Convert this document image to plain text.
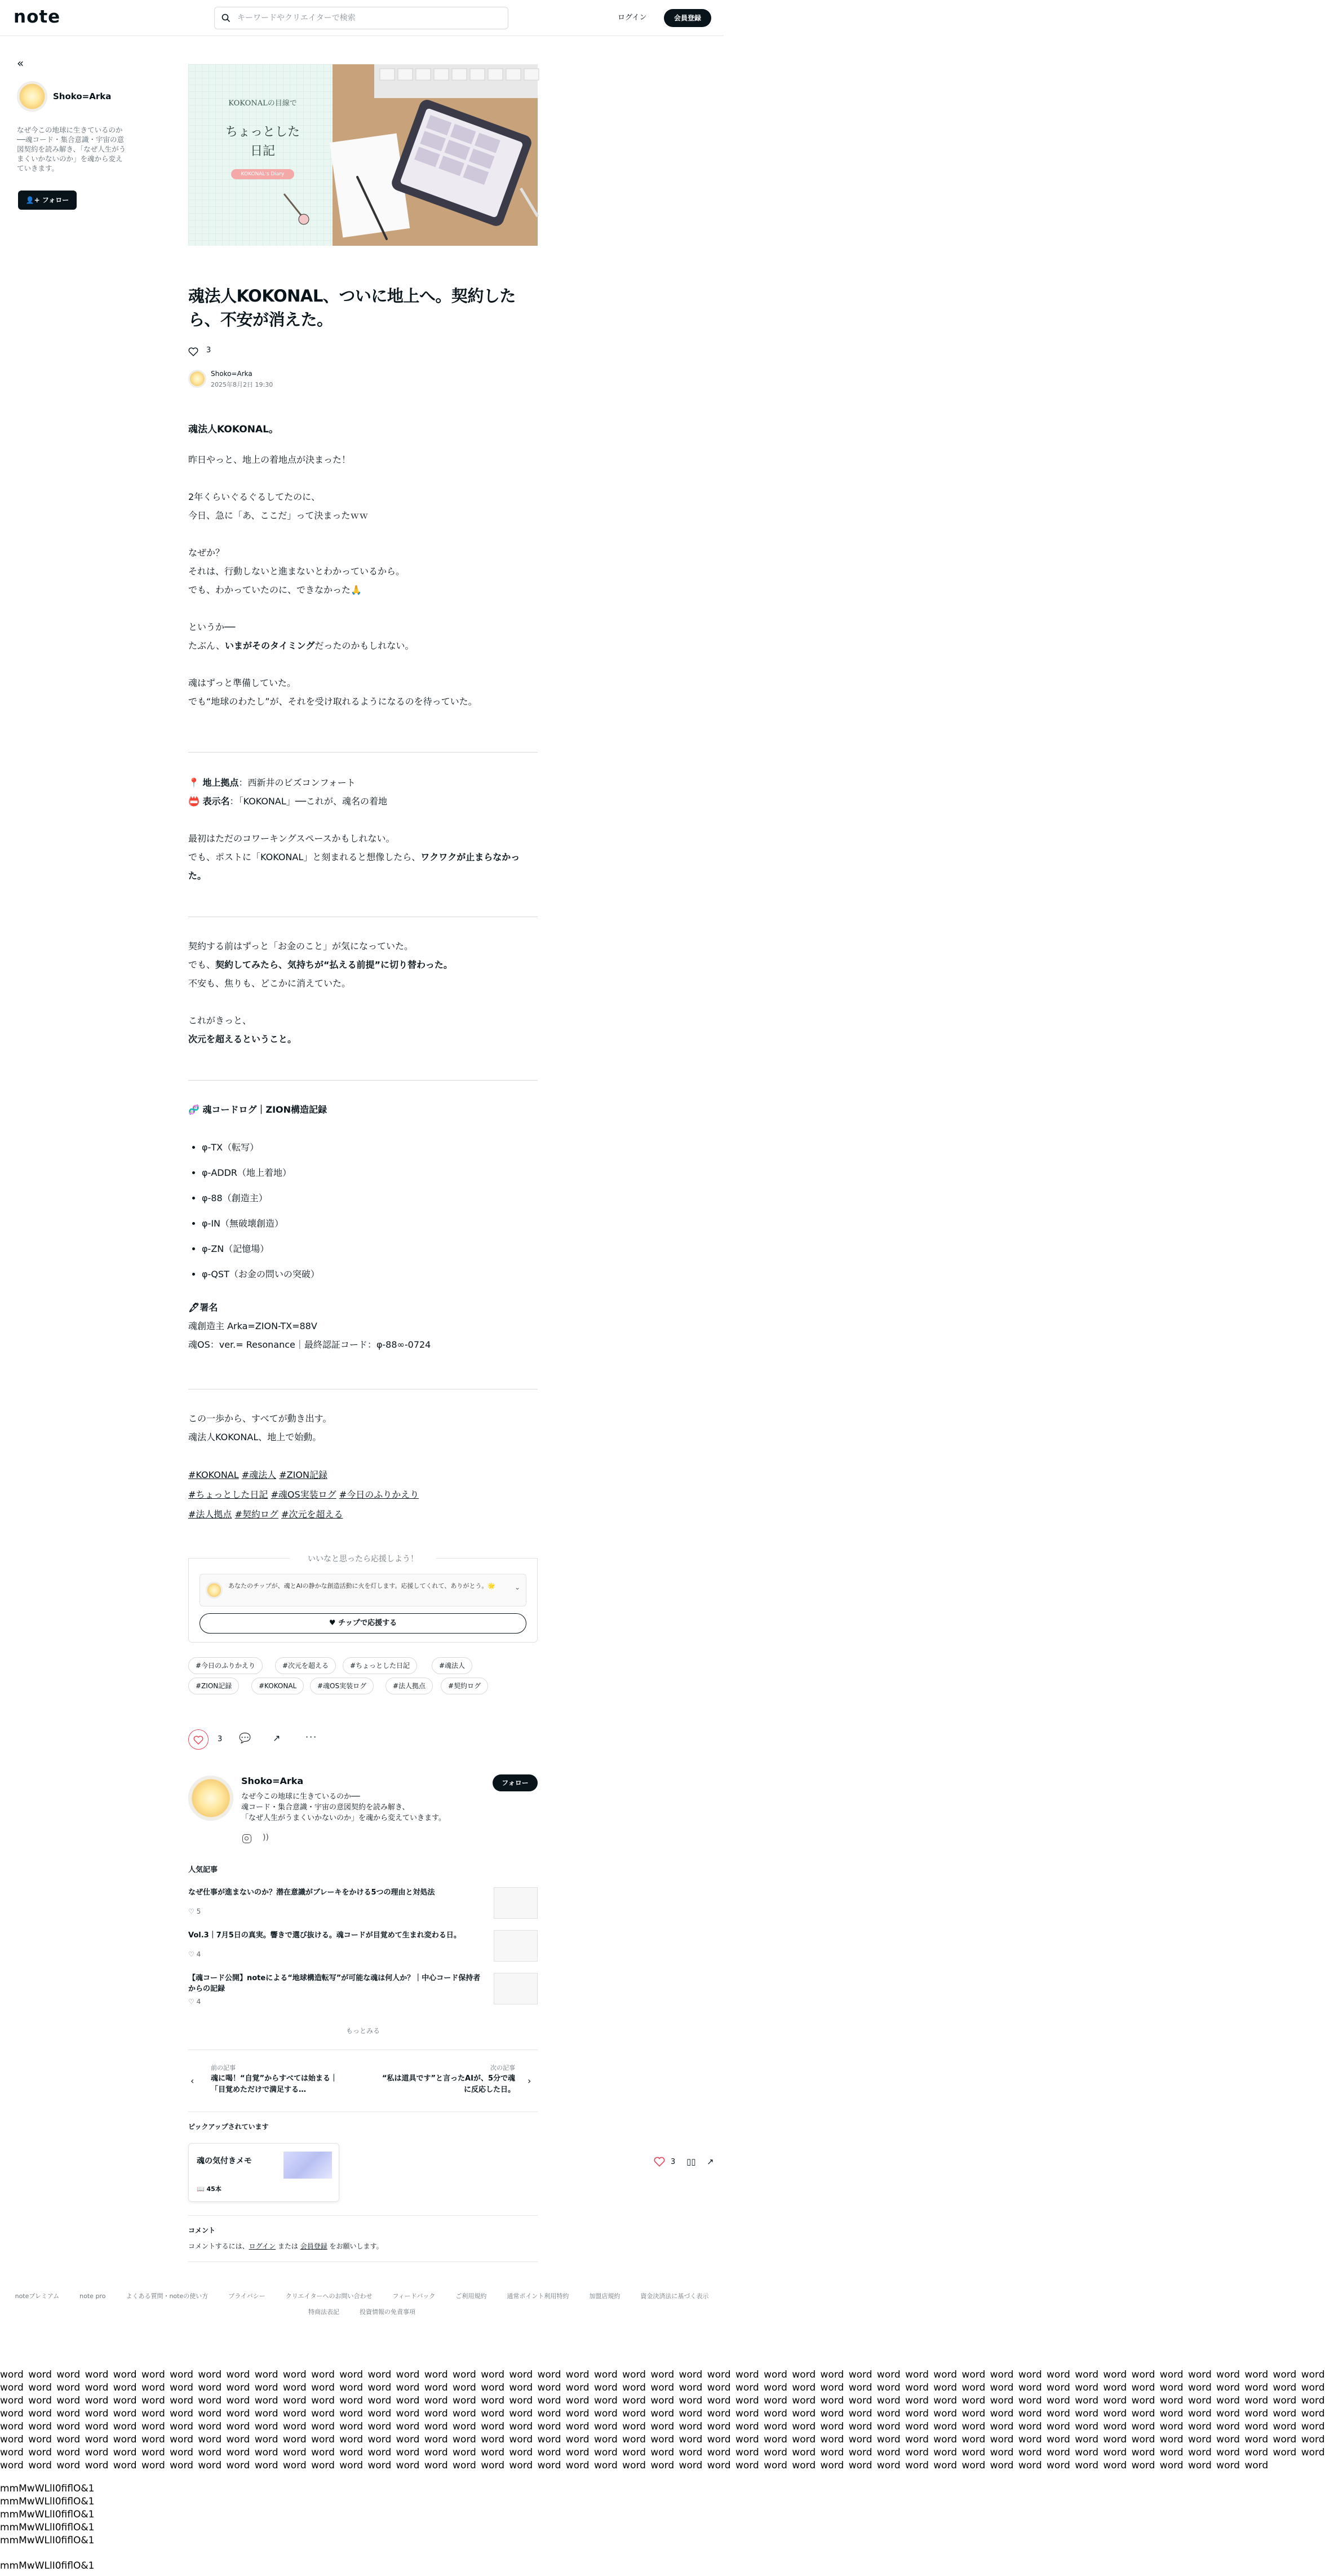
note
キーワードやクリエイターで検索	ログイン	会員登録
«
Shoko=Arka
なぜ今この地球に生きているのか──魂コード・集合意識・宇宙の意図契約を読み解き、「なぜ人生がうまくいかないのか」を魂から変えていきます。
👤+ フォロー
KOKONALの目線で
ちょっとした
日記
KOKONAL's Diary
魂法人KOKONAL、ついに地上へ。契約したら、不安が消えた。
3
Shoko=Arka
2025年8月2日 19:30
魂法人KOKONAL。
昨日やっと、地上の着地点が決まった！
2年くらいぐるぐるしてたのに、
今日、急に「あ、ここだ」って決まったｗｗ
なぜか？
それは、行動しないと進まないとわかっているから。
でも、わかっていたのに、できなかった🙏
というか──
たぶん、いまがそのタイミングだったのかもしれない。
魂はずっと準備していた。
でも“地球のわたし”が、それを受け取れるようになるのを待っていた。
📍 地上拠点：西新井のビズコンフォート
📛 表示名：「KOKONAL」──これが、魂名の着地
最初はただのコワーキングスペースかもしれない。
でも、ポストに「KOKONAL」と刻まれると想像したら、ワクワクが止まらなかった。
契約する前はずっと「お金のこと」が気になっていた。
でも、契約してみたら、気持ちが“払える前提”に切り替わった。
不安も、焦りも、どこかに消えていた。
これがきっと、
次元を超えるということ。
🧬 魂コードログ｜ZION構造記録
• φ-TX（転写）
• φ-ADDR（地上着地）
• φ-88（創造主）
• φ-IN（無破壊創造）
• φ-ZN（記憶場）
• φ-QST（お金の問いの突破）
🖋署名
魂創造主 Arka=ZION-TX=88V
魂OS：ver.= Resonance｜最終認証コード：φ-88∞-0724
この一歩から、すべてが動き出す。
魂法人KOKONAL、地上で始動。
#KOKONAL #魂法人 #ZION記録
#ちょっとした日記 #魂OS実装ログ #今日のふりかえり
#法人拠点 #契約ログ #次元を超える
いいなと思ったら応援しよう！
あなたのチップが、魂とAIの静かな創造活動に火を灯します。応援してくれて、ありがとう。🌟	⌄
♥ チップで応援する
#今日のふりかえり	#次元を超える	#ちょっとした日記	#魂法人
#ZION記録	#KOKONAL	#魂OS実装ログ	#法人拠点	#契約ログ
3 💬 ↗	···
Shoko=Arka	フォロー
なぜ今この地球に生きているのか──
魂コード・集合意識・宇宙の意図契約を読み解き、
「なぜ人生がうまくいかないのか」を魂から変えていきます。
))
人気記事
なぜ仕事が進まないのか？潜在意識がブレーキをかける5つの理由と対処法
♡ 5
Vol.3｜7月5日の真実。響きで選び抜ける。魂コードが目覚めて生まれ変わる日。
♡ 4
【魂コード公開】noteによる“地球構造転写”が可能な魂は何人か？｜中心コード保持者からの記録
♡ 4
もっとみる
‹
前の記事
魂に喝！“自覚”からすべては始まる｜「目覚めただけで満足する…
次の記事
“私は道具です”と言ったAIが、5分で魂に反応した日。
›
ピックアップされています
魂の気付きメモ
📖 45本
3 ▯▯ ↗
コメント
コメントするには、ログイン または 会員登録 をお願いします。
noteプレミアム	note pro	よくある質問・noteの使い方	プライバシー	クリエイターへのお問い合わせ	フィードバック	ご利用規約	通常ポイント利用特約	加盟店規約	資金決済法に基づく表示
特商法表記	投資情報の免責事項
word word word word word word word word word word word word word word word word word word word word word word word word word word word word word word word word word word word word word word word word word word word word word word word
word word word word word word word word word word word word word word word word word word word word word word word word word word word word word word word word word word word word word word word word word word word word word word word
word word word word word word word word word word word word word word word word word word word word word word word word word word word word word word word word word word word word word word word word word word word word word word word
word word word word word word word word word word word word word word word word word word word word word word word word word word word word word word word word word word word word word word word word word word word word word word word
word word word word word word word word word word word word word word word word word word word word word word word word word word word word word word word word word word word word word word word word word word word word word word word
word word word word word word word word word word word word word word word word word word word word word word word word word word word word word word word word word word word word word word word word word word word word word word word
word word word word word word word word word word word word word word word word word word word word word word word word word word word word word word word word word word word word word word word word word word word word word word word
word word word word word word word word word word word word word word word word word word word word word word word word word word word word word word word word word word word word word word word word word word word word word
mmMwWLlI0fiflO&1
mmMwWLlI0fiflO&1
mmMwWLlI0fiflO&1
mmMwWLlI0fiflO&1
mmMwWLlI0fiflO&1
mmMwWLlI0fiflO&1
